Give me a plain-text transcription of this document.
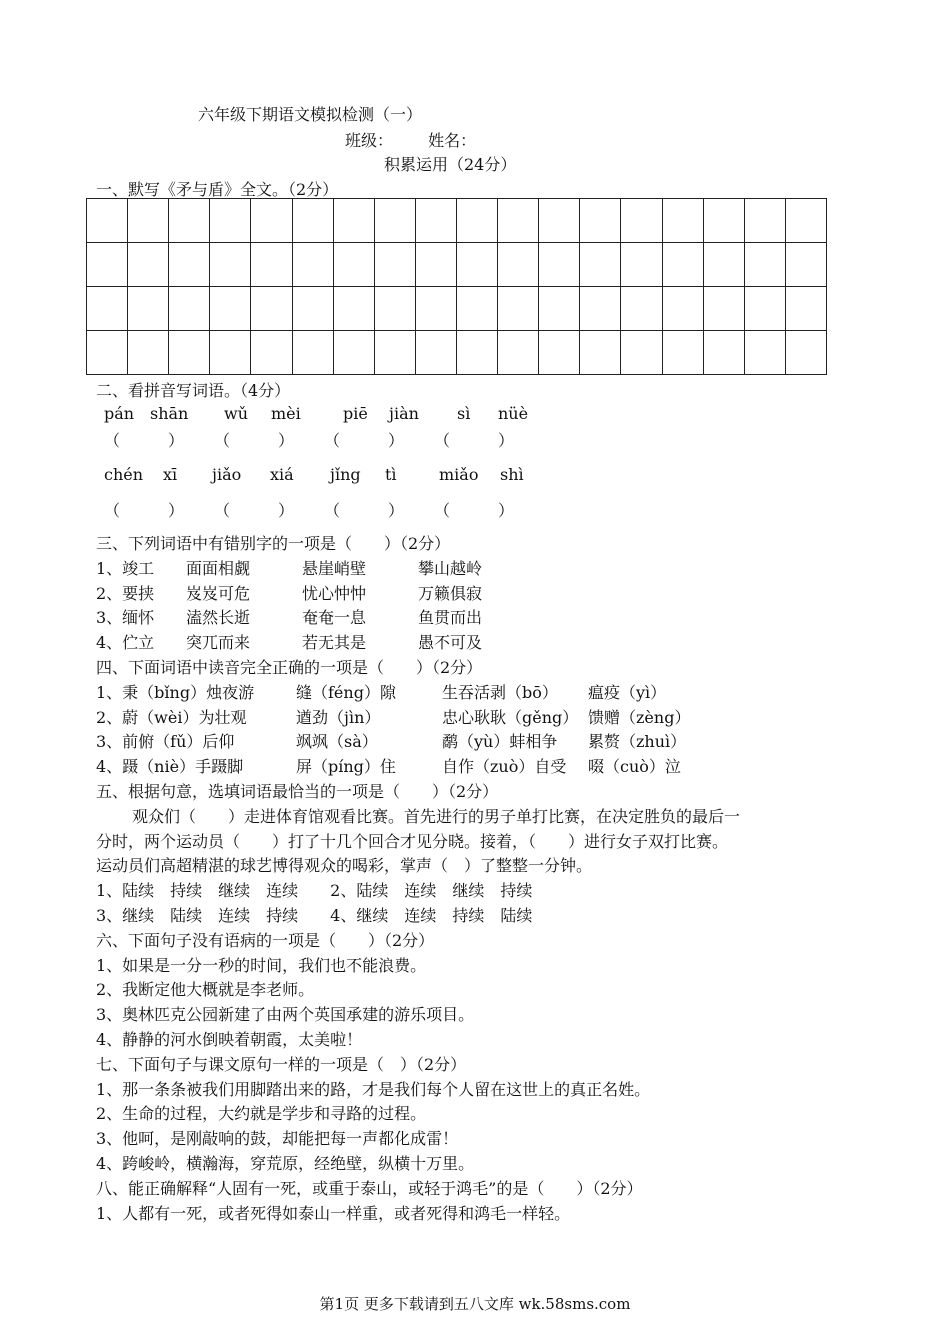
六年级下期语文模拟检测（一）
班级： 姓名：
积累运用（24分）
一、默写《矛与盾》全文。（2分）
二、看拼音写词语。（4分）
pán shān wǔ mèi	piē jiàn sì nüè
（　　　） （　　　） （　　　） （　　　）
chén xī jiǎo xiá jǐng tì	miǎo shì
（　　　） （　　　） （　　　） （　　　）
三、下列词语中有错别字的一项是（　　）（2分）
1、竣工 面面相觑	悬崖峭壁	攀山越岭
2、要挟 岌岌可危	忧心忡忡	万籁俱寂
3、缅怀 溘然长逝	奄奄一息	鱼贯而出
4、伫立 突兀而来	若无其是	愚不可及
四、下面词语中读音完全正确的一项是（　　）（2分）
1、秉（bǐng）烛夜游	缝（féng）隙	生吞活剥（bō） 瘟疫（yì）
2、蔚（wèi）为壮观	遒劲（jìn）	忠心耿耿（gěng） 馈赠（zèng）
3、前俯（fǔ）后仰	飒飒（sà）	鹬（yù）蚌相争 累赘（zhuì）
4、蹑（niè）手蹑脚	屏（píng）住	自作（zuò）自受 啜（cuò）泣
五、根据句意，选填词语最恰当的一项是（　　）（2分）
观众们（　　）走进体育馆观看比赛。首先进行的男子单打比赛，在决定胜负的最后一
分时，两个运动员（　　）打了十几个回合才见分晓。接着，（　　）进行女子双打比赛。
运动员们高超精湛的球艺博得观众的喝彩，掌声（　）了整整一分钟。
1、陆续　持续　继续　连续　　2、陆续　连续　继续　持续
3、继续　陆续　连续　持续　　4、继续　连续　持续　陆续
六、下面句子没有语病的一项是（　　）（2分）
1、如果是一分一秒的时间，我们也不能浪费。
2、我断定他大概就是李老师。
3、奥林匹克公园新建了由两个英国承建的游乐项目。
4、静静的河水倒映着朝霞，太美啦！
七、下面句子与课文原句一样的一项是（　）（2分）
1、那一条条被我们用脚踏出来的路，才是我们每个人留在这世上的真正名姓。
2、生命的过程，大约就是学步和寻路的过程。
3、他呵，是刚敲响的鼓，却能把每一声都化成雷！
4、跨峻岭，横瀚海，穿荒原，经绝壁，纵横十万里。
八、能正确解释“人固有一死，或重于泰山，或轻于鸿毛”的是（　　）（2分）
1、人都有一死，或者死得如泰山一样重，或者死得和鸿毛一样轻。
第1页 更多下载请到五八文库 wk.58sms.com
